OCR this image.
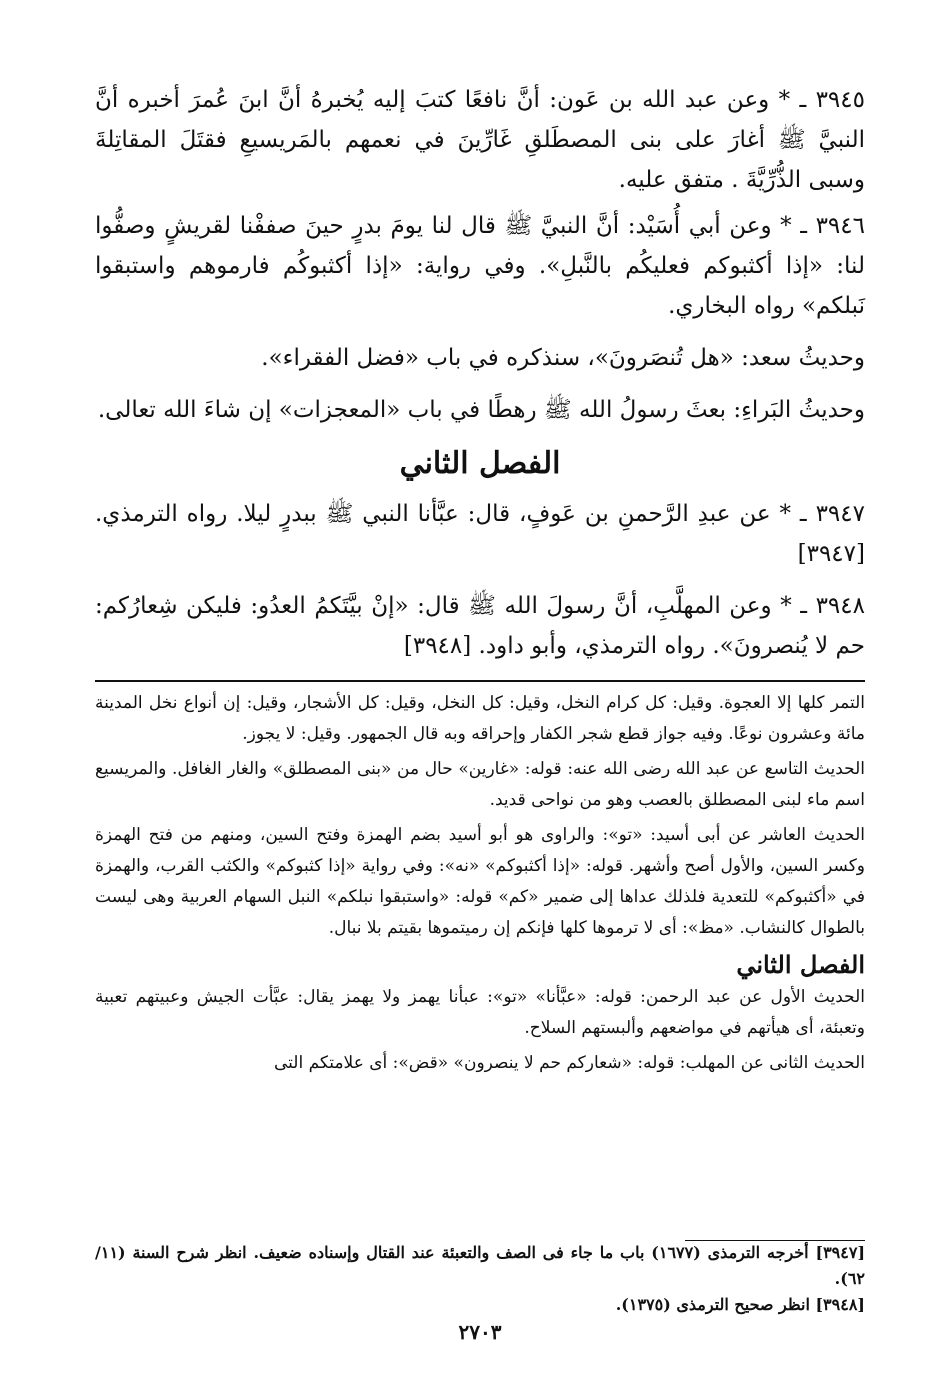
٣٩٤٥ ـ * وعن عبد الله بن عَون: أنَّ نافعًا كتبَ إليه يُخبرهُ أنَّ ابنَ عُمرَ أخبره أنَّ النبيَّ ﷺ أغارَ على بنى المصطَلقِ غَارِّينَ في نعمهم بالمَريسيعِ فقتَلَ المقاتِلةَ وسبى الذُّرِّيَّةَ . متفق عليه.

٣٩٤٦ ـ * وعن أبي أُسَيْد: أنَّ النبيَّ ﷺ قال لنا يومَ بدرٍ حينَ صففْنا لقريشٍ وصفُّوا لنا: «إذا أكثبوكم فعليكُم بالنَّبلِ». وفي رواية: «إذا أكثبوكُم فارموهم واستبقوا نَبلكم» رواه البخاري.

وحديثُ سعد: «هل تُنصَرونَ»، سنذكره في باب «فضل الفقراء».

وحديثُ البَراءِ: بعثَ رسولُ الله ﷺ رهطًا في باب «المعجزات» إن شاءَ الله تعالى.

الفصل الثاني

٣٩٤٧ ـ * عن عبدِ الرَّحمنِ بن عَوفٍ، قال: عبَّأنا النبي ﷺ ببدرٍ ليلا. رواه الترمذي. [٣٩٤٧]

٣٩٤٨ ـ * وعن المهلَّبِ، أنَّ رسولَ الله ﷺ قال: «إنْ بيَّتَكمُ العدُو: فليكن شِعارُكم: حم لا يُنصرونَ». رواه الترمذي، وأبو داود. [٣٩٤٨]

التمر كلها إلا العجوة. وقيل: كل كرام النخل، وقيل: كل النخل، وقيل: كل الأشجار، وقيل: إن أنواع نخل المدينة مائة وعشرون نوعًا. وفيه جواز قطع شجر الكفار وإحراقه وبه قال الجمهور. وقيل: لا يجوز.

الحديث التاسع عن عبد الله رضى الله عنه: قوله: «غارين» حال من «بنى المصطلق» والغار الغافل. والمريسيع اسم ماء لبنى المصطلق بالعصب وهو من نواحى قديد.

الحديث العاشر عن أبى أسيد: «تو»: والراوى هو أبو أسيد بضم الهمزة وفتح السين، ومنهم من فتح الهمزة وكسر السين، والأول أصح وأشهر. قوله: «إذا أكثبوكم» «نه»: وفي رواية «إذا كثبوكم» والكثب القرب، والهمزة في «أكثبوكم» للتعدية فلذلك عداها إلى ضمير «كم» قوله: «واستبقوا نبلكم» النبل السهام العربية وهى ليست بالطوال كالنشاب. «مظ»: أى لا ترموها كلها فإنكم إن رميتموها بقيتم بلا نبال.

الفصل الثاني

الحديث الأول عن عبد الرحمن: قوله: «عبَّأنا» «تو»: عبأنا يهمز ولا يهمز يقال: عبَّأت الجيش وعبيتهم تعبية وتعبئة، أى هيأتهم في مواضعهم وألبستهم السلاح.

الحديث الثانى عن المهلب: قوله: «شعاركم حم لا ينصرون» «قض»: أى علامتكم التى

[٣٩٤٧] أخرجه الترمذى (١٦٧٧) باب ما جاء فى الصف والتعبئة عند القتال وإسناده ضعيف. انظر شرح السنة (١١/ ٦٢).

[٣٩٤٨] انظر صحيح الترمذى (١٣٧٥).

٢٧٠٣
